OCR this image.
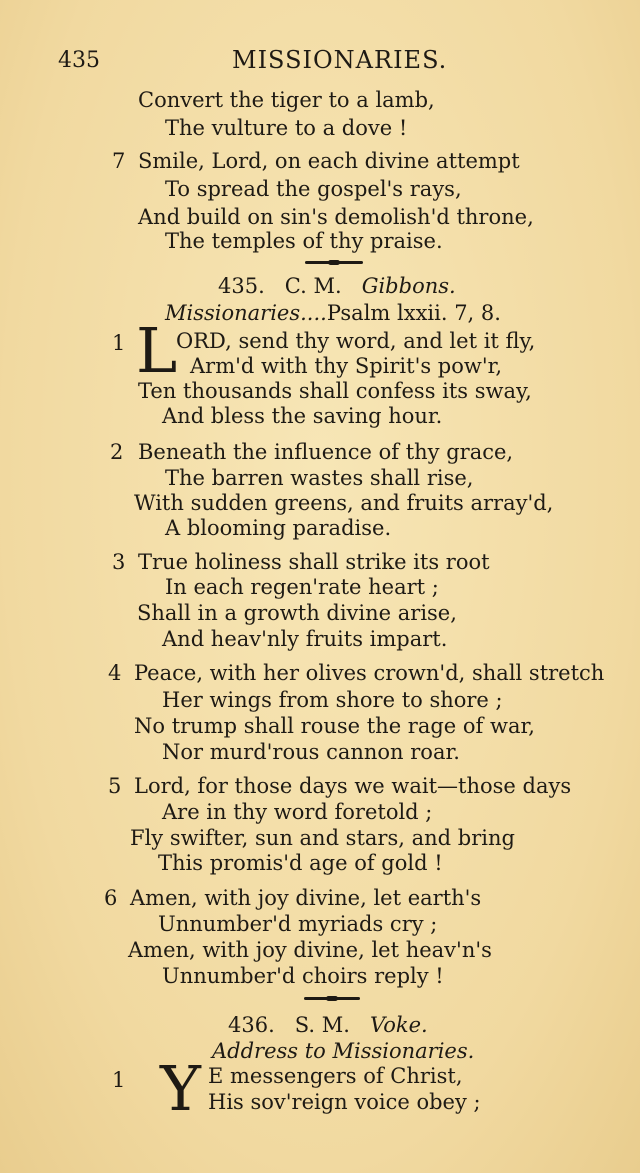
435	MISSIONARIES.
Convert the tiger to a lamb,
The vulture to a dove !
7 Smile, Lord, on each divine attempt
To spread the gospel's rays,
And build on sin's demolish'd throne,
The temples of thy praise.
435. C. M. Gibbons.
Missionaries....Psalm lxxii. 7, 8.
1 L
ORD, send thy word, and let it fly,
Arm'd with thy Spirit's pow'r,
Ten thousands shall confess its sway,
And bless the saving hour.
2 Beneath the influence of thy grace,
The barren wastes shall rise,
With sudden greens, and fruits array'd,
A blooming paradise.
3 True holiness shall strike its root
In each regen'rate heart ;
Shall in a growth divine arise,
And heav'nly fruits impart.
4 Peace, with her olives crown'd, shall stretch
Her wings from shore to shore ;
No trump shall rouse the rage of war,
Nor murd'rous cannon roar.
5 Lord, for those days we wait—those days
Are in thy word foretold ;
Fly swifter, sun and stars, and bring
This promis'd age of gold !
6 Amen, with joy divine, let earth's
Unnumber'd myriads cry ;
Amen, with joy divine, let heav'n's
Unnumber'd choirs reply !
436. S. M. Voke.
Address to Missionaries.
1 Y E messengers of Christ,
His sov'reign voice obey ;
